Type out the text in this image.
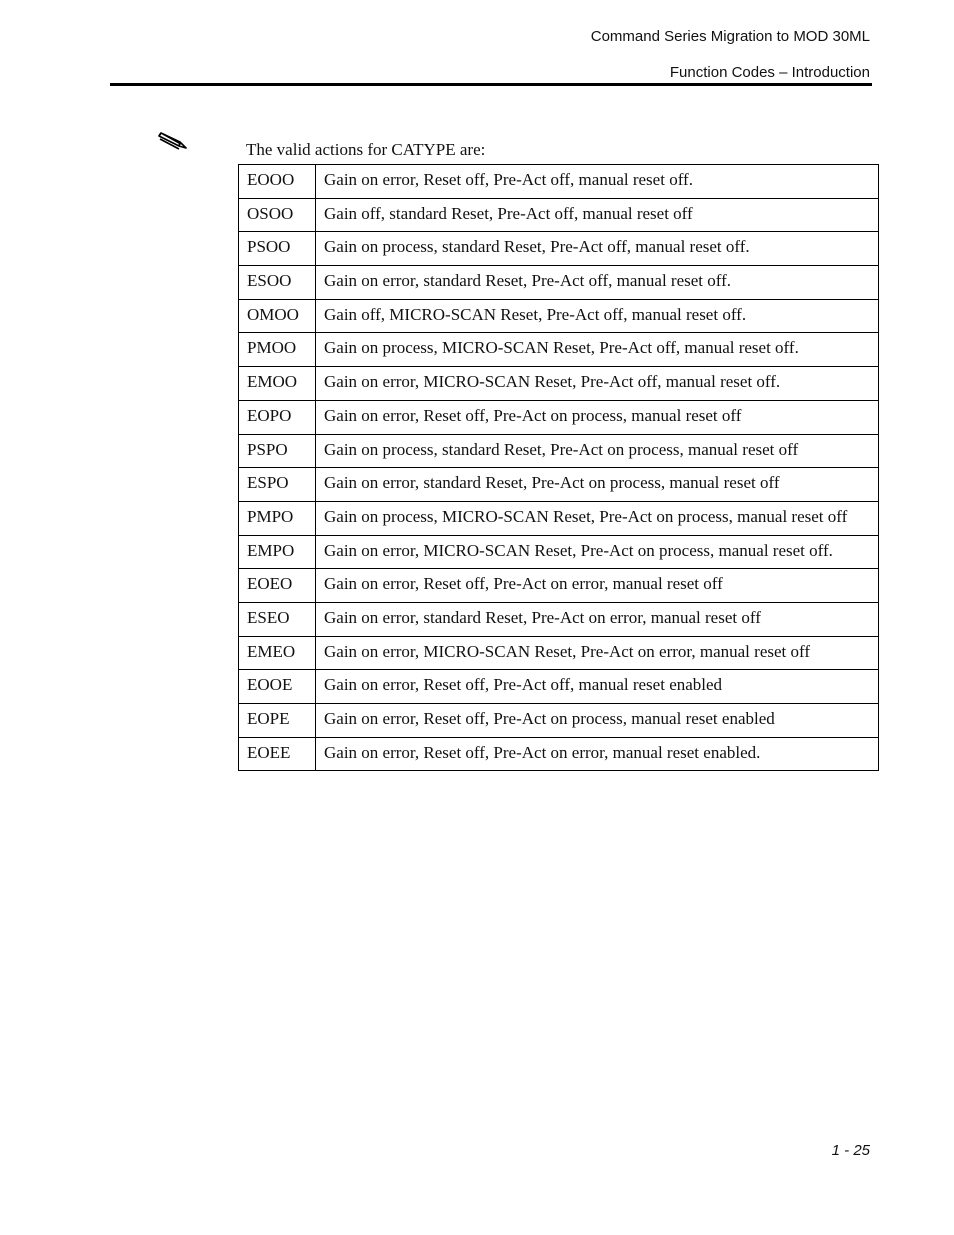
Command Series Migration to MOD 30ML
Function Codes – Introduction
The valid actions for CATYPE are:
EOOO	Gain on error, Reset off, Pre-Act off, manual reset off.
OSOO	Gain off, standard Reset, Pre-Act off, manual reset off
PSOO	Gain on process, standard Reset, Pre-Act off, manual reset off.
ESOO	Gain on error, standard Reset, Pre-Act off, manual reset off.
OMOO	Gain off, MICRO-SCAN Reset, Pre-Act off, manual reset off.
PMOO	Gain on process, MICRO-SCAN Reset, Pre-Act off, manual reset off.
EMOO	Gain on error, MICRO-SCAN Reset, Pre-Act off, manual reset off.
EOPO	Gain on error, Reset off, Pre-Act on process, manual reset off
PSPO	Gain on process, standard Reset, Pre-Act on process, manual reset off
ESPO	Gain on error, standard Reset, Pre-Act on process, manual reset off
PMPO	Gain on process, MICRO-SCAN Reset, Pre-Act on process, manual reset off
EMPO	Gain on error, MICRO-SCAN Reset, Pre-Act on process, manual reset off.
EOEO	Gain on error, Reset off, Pre-Act on error, manual reset off
ESEO	Gain on error, standard Reset, Pre-Act on error, manual reset off
EMEO	Gain on error, MICRO-SCAN Reset, Pre-Act on error, manual reset off
EOOE	Gain on error, Reset off, Pre-Act off, manual reset enabled
EOPE	Gain on error, Reset off, Pre-Act on process, manual reset enabled
EOEE	Gain on error, Reset off, Pre-Act on error, manual reset enabled.
1 - 25
